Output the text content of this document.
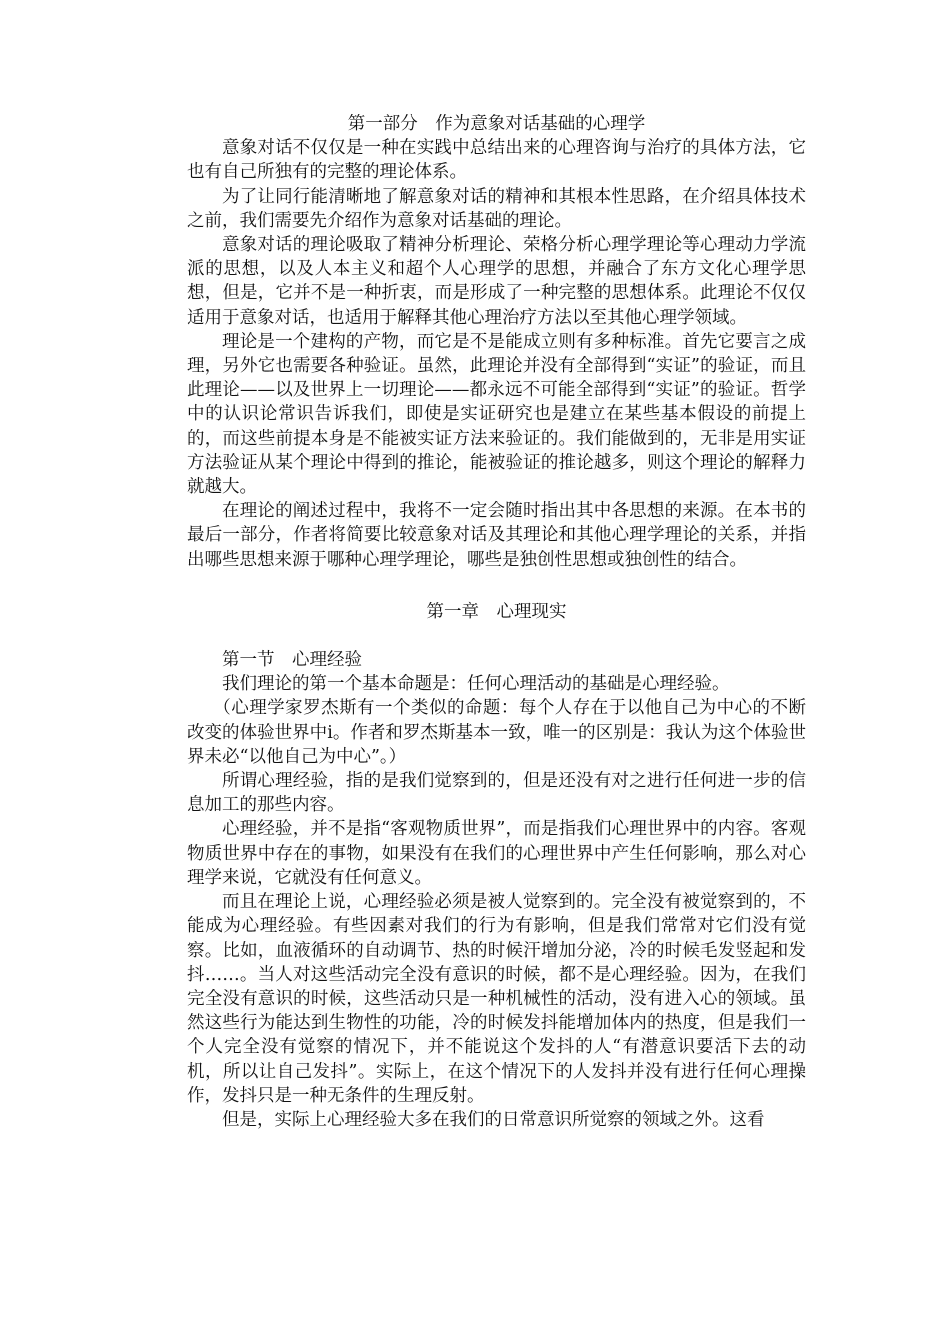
第一部分　作为意象对话基础的心理学

意象对话不仅仅是一种在实践中总结出来的心理咨询与治疗的具体方法，它也有自己所独有的完整的理论体系。

为了让同行能清晰地了解意象对话的精神和其根本性思路，在介绍具体技术之前，我们需要先介绍作为意象对话基础的理论。

意象对话的理论吸取了精神分析理论、荣格分析心理学理论等心理动力学流派的思想，以及人本主义和超个人心理学的思想，并融合了东方文化心理学思想，但是，它并不是一种折衷，而是形成了一种完整的思想体系。此理论不仅仅适用于意象对话，也适用于解释其他心理治疗方法以至其他心理学领域。

理论是一个建构的产物，而它是不是能成立则有多种标准。首先它要言之成理，另外它也需要各种验证。虽然，此理论并没有全部得到“实证”的验证，而且此理论——以及世界上一切理论——都永远不可能全部得到“实证”的验证。哲学中的认识论常识告诉我们，即使是实证研究也是建立在某些基本假设的前提上的，而这些前提本身是不能被实证方法来验证的。我们能做到的，无非是用实证方法验证从某个理论中得到的推论，能被验证的推论越多，则这个理论的解释力就越大。

在理论的阐述过程中，我将不一定会随时指出其中各思想的来源。在本书的最后一部分，作者将简要比较意象对话及其理论和其他心理学理论的关系，并指出哪些思想来源于哪种心理学理论，哪些是独创性思想或独创性的结合。

第一章　心理现实
第一节　心理经验

我们理论的第一个基本命题是：任何心理活动的基础是心理经验。

（心理学家罗杰斯有一个类似的命题：每个人存在于以他自己为中心的不断改变的体验世界中i。作者和罗杰斯基本一致，唯一的区别是：我认为这个体验世界未必“以他自己为中心”。）

所谓心理经验，指的是我们觉察到的，但是还没有对之进行任何进一步的信息加工的那些内容。

心理经验，并不是指“客观物质世界”，而是指我们心理世界中的内容。客观物质世界中存在的事物，如果没有在我们的心理世界中产生任何影响，那么对心理学来说，它就没有任何意义。

而且在理论上说，心理经验必须是被人觉察到的。完全没有被觉察到的，不能成为心理经验。有些因素对我们的行为有影响，但是我们常常对它们没有觉察。比如，血液循环的自动调节、热的时候汗增加分泌，冷的时候毛发竖起和发抖……。当人对这些活动完全没有意识的时候，都不是心理经验。因为，在我们完全没有意识的时候，这些活动只是一种机械性的活动，没有进入心的领域。虽然这些行为能达到生物性的功能，冷的时候发抖能增加体内的热度，但是我们一个人完全没有觉察的情况下，并不能说这个发抖的人“有潜意识要活下去的动机，所以让自己发抖”。实际上，在这个情况下的人发抖并没有进行任何心理操作，发抖只是一种无条件的生理反射。

但是，实际上心理经验大多在我们的日常意识所觉察的领域之外。这看
